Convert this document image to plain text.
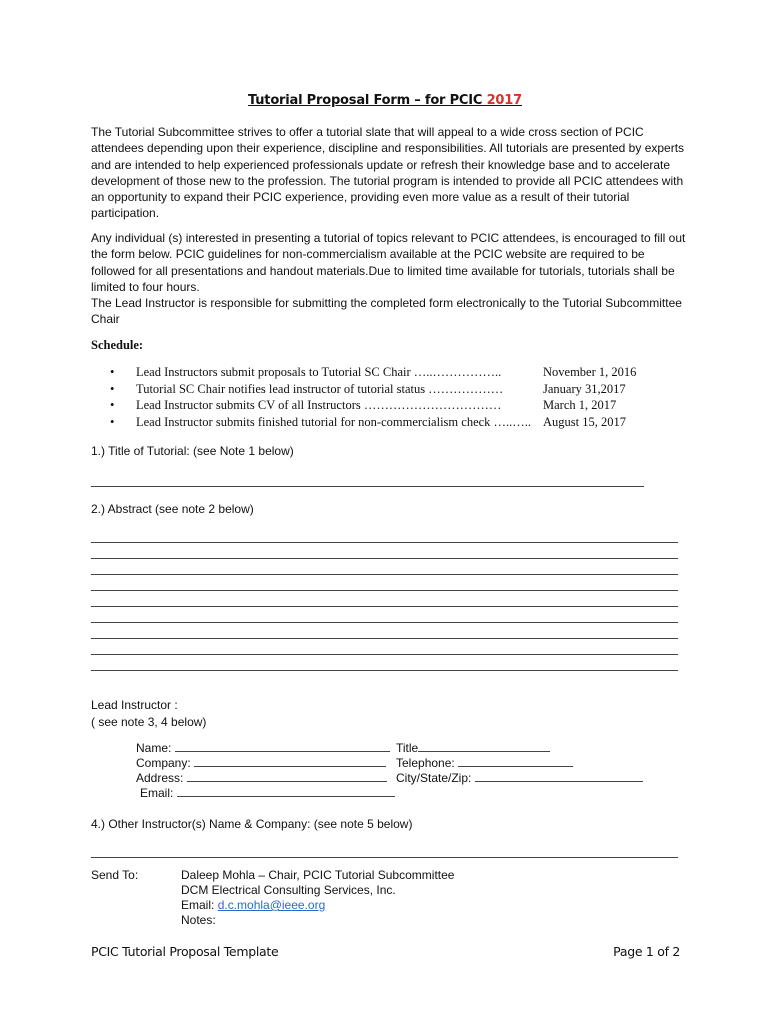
Tutorial Proposal Form – for PCIC 2017
The Tutorial Subcommittee strives to offer a tutorial slate that will appeal to a wide cross section of PCIC attendees depending upon their experience, discipline and responsibilities. All tutorials are presented by experts and are intended to help experienced professionals update or refresh their knowledge base and to accelerate development of those new to the profession. The tutorial program is intended to provide all PCIC attendees with an opportunity to expand their PCIC experience, providing even more value as a result of their tutorial participation.
Any individual (s) interested in presenting a tutorial of topics relevant to PCIC attendees, is encouraged to fill out the form below. PCIC guidelines for non-commercialism available at the PCIC website are required to be followed for all presentations and handout materials.Due to limited time available for tutorials, tutorials shall be limited to four hours.
The Lead Instructor is responsible for submitting the completed form electronically to the Tutorial Subcommittee Chair
Schedule:
• Lead Instructors submit proposals to Tutorial SC Chair …..……………..	November 1, 2016
• Tutorial SC Chair notifies lead instructor of tutorial status ………………	January 31,2017
• Lead Instructor submits CV of all Instructors ……………………………	March 1, 2017
• Lead Instructor submits finished tutorial for non-commercialism check …..….. August 15, 2017
1.) Title of Tutorial: (see Note 1 below)
2.) Abstract (see note 2 below)
Lead Instructor :
( see note 3, 4 below)
Name:	Title
Company:	Telephone:
Address:	City/State/Zip:
Email:
4.) Other Instructor(s) Name & Company: (see note 5 below)
Send To:	Daleep Mohla – Chair, PCIC Tutorial Subcommittee
DCM Electrical Consulting Services, Inc.
Email: d.c.mohla@ieee.org
Notes:
PCIC Tutorial Proposal Template	Page 1 of 2
